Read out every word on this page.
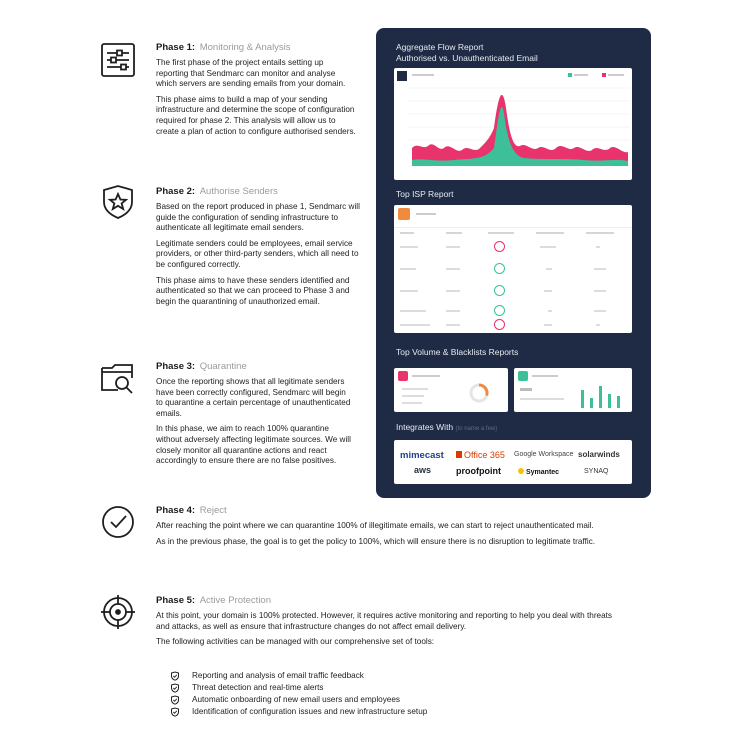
Phase 1: Monitoring & Analysis

The first phase of the project entails setting up reporting that Sendmarc can monitor and analyse which servers are sending emails from your domain.

This phase aims to build a map of your sending infrastructure and determine the scope of configuration required for phase 2. This analysis will allow us to create a plan of action to configure authorised senders.

Phase 2: Authorise Senders

Based on the report produced in phase 1, Sendmarc will guide the configuration of sending infrastructure to authenticate all legitimate email senders.

Legitimate senders could be employees, email service providers, or other third-party senders, which all need to be configured correctly.

This phase aims to have these senders identified and authenticated so that we can proceed to Phase 3 and begin the quarantining of unauthorized email.

Phase 3: Quarantine

Once the reporting shows that all legitimate senders have been correctly configured, Sendmarc will begin to quarantine a certain percentage of unauthenticated emails.

In this phase, we aim to reach 100% quarantine without adversely affecting legitimate sources. We will closely monitor all quarantine actions and react accordingly to ensure there are no false positives.

Phase 4: Reject

After reaching the point where we can quarantine 100% of illegitimate emails, we can start to reject unauthenticated mail.

As in the previous phase, the goal is to get the policy to 100%, which will ensure there is no disruption to legitimate traffic.

Phase 5: Active Protection

At this point, your domain is 100% protected. However, it requires active monitoring and reporting to help you deal with threats and attacks, as well as ensure that infrastructure changes do not affect email delivery.

The following activities can be managed with our comprehensive set of tools:

Reporting and analysis of email traffic feedback
Threat detection and real-time alerts
Automatic onboarding of new email users and employees
Identification of configuration issues and new infrastructure setup
Aggregate Flow Report
Authorised vs. Unauthenticated Email
Top ISP Report
Top Volume & Blacklists Reports
Integrates With (to name a few)
mimecast	Office 365 Google Workspace solarwinds
aws	proofpoint	Symantec	SYNAQ
